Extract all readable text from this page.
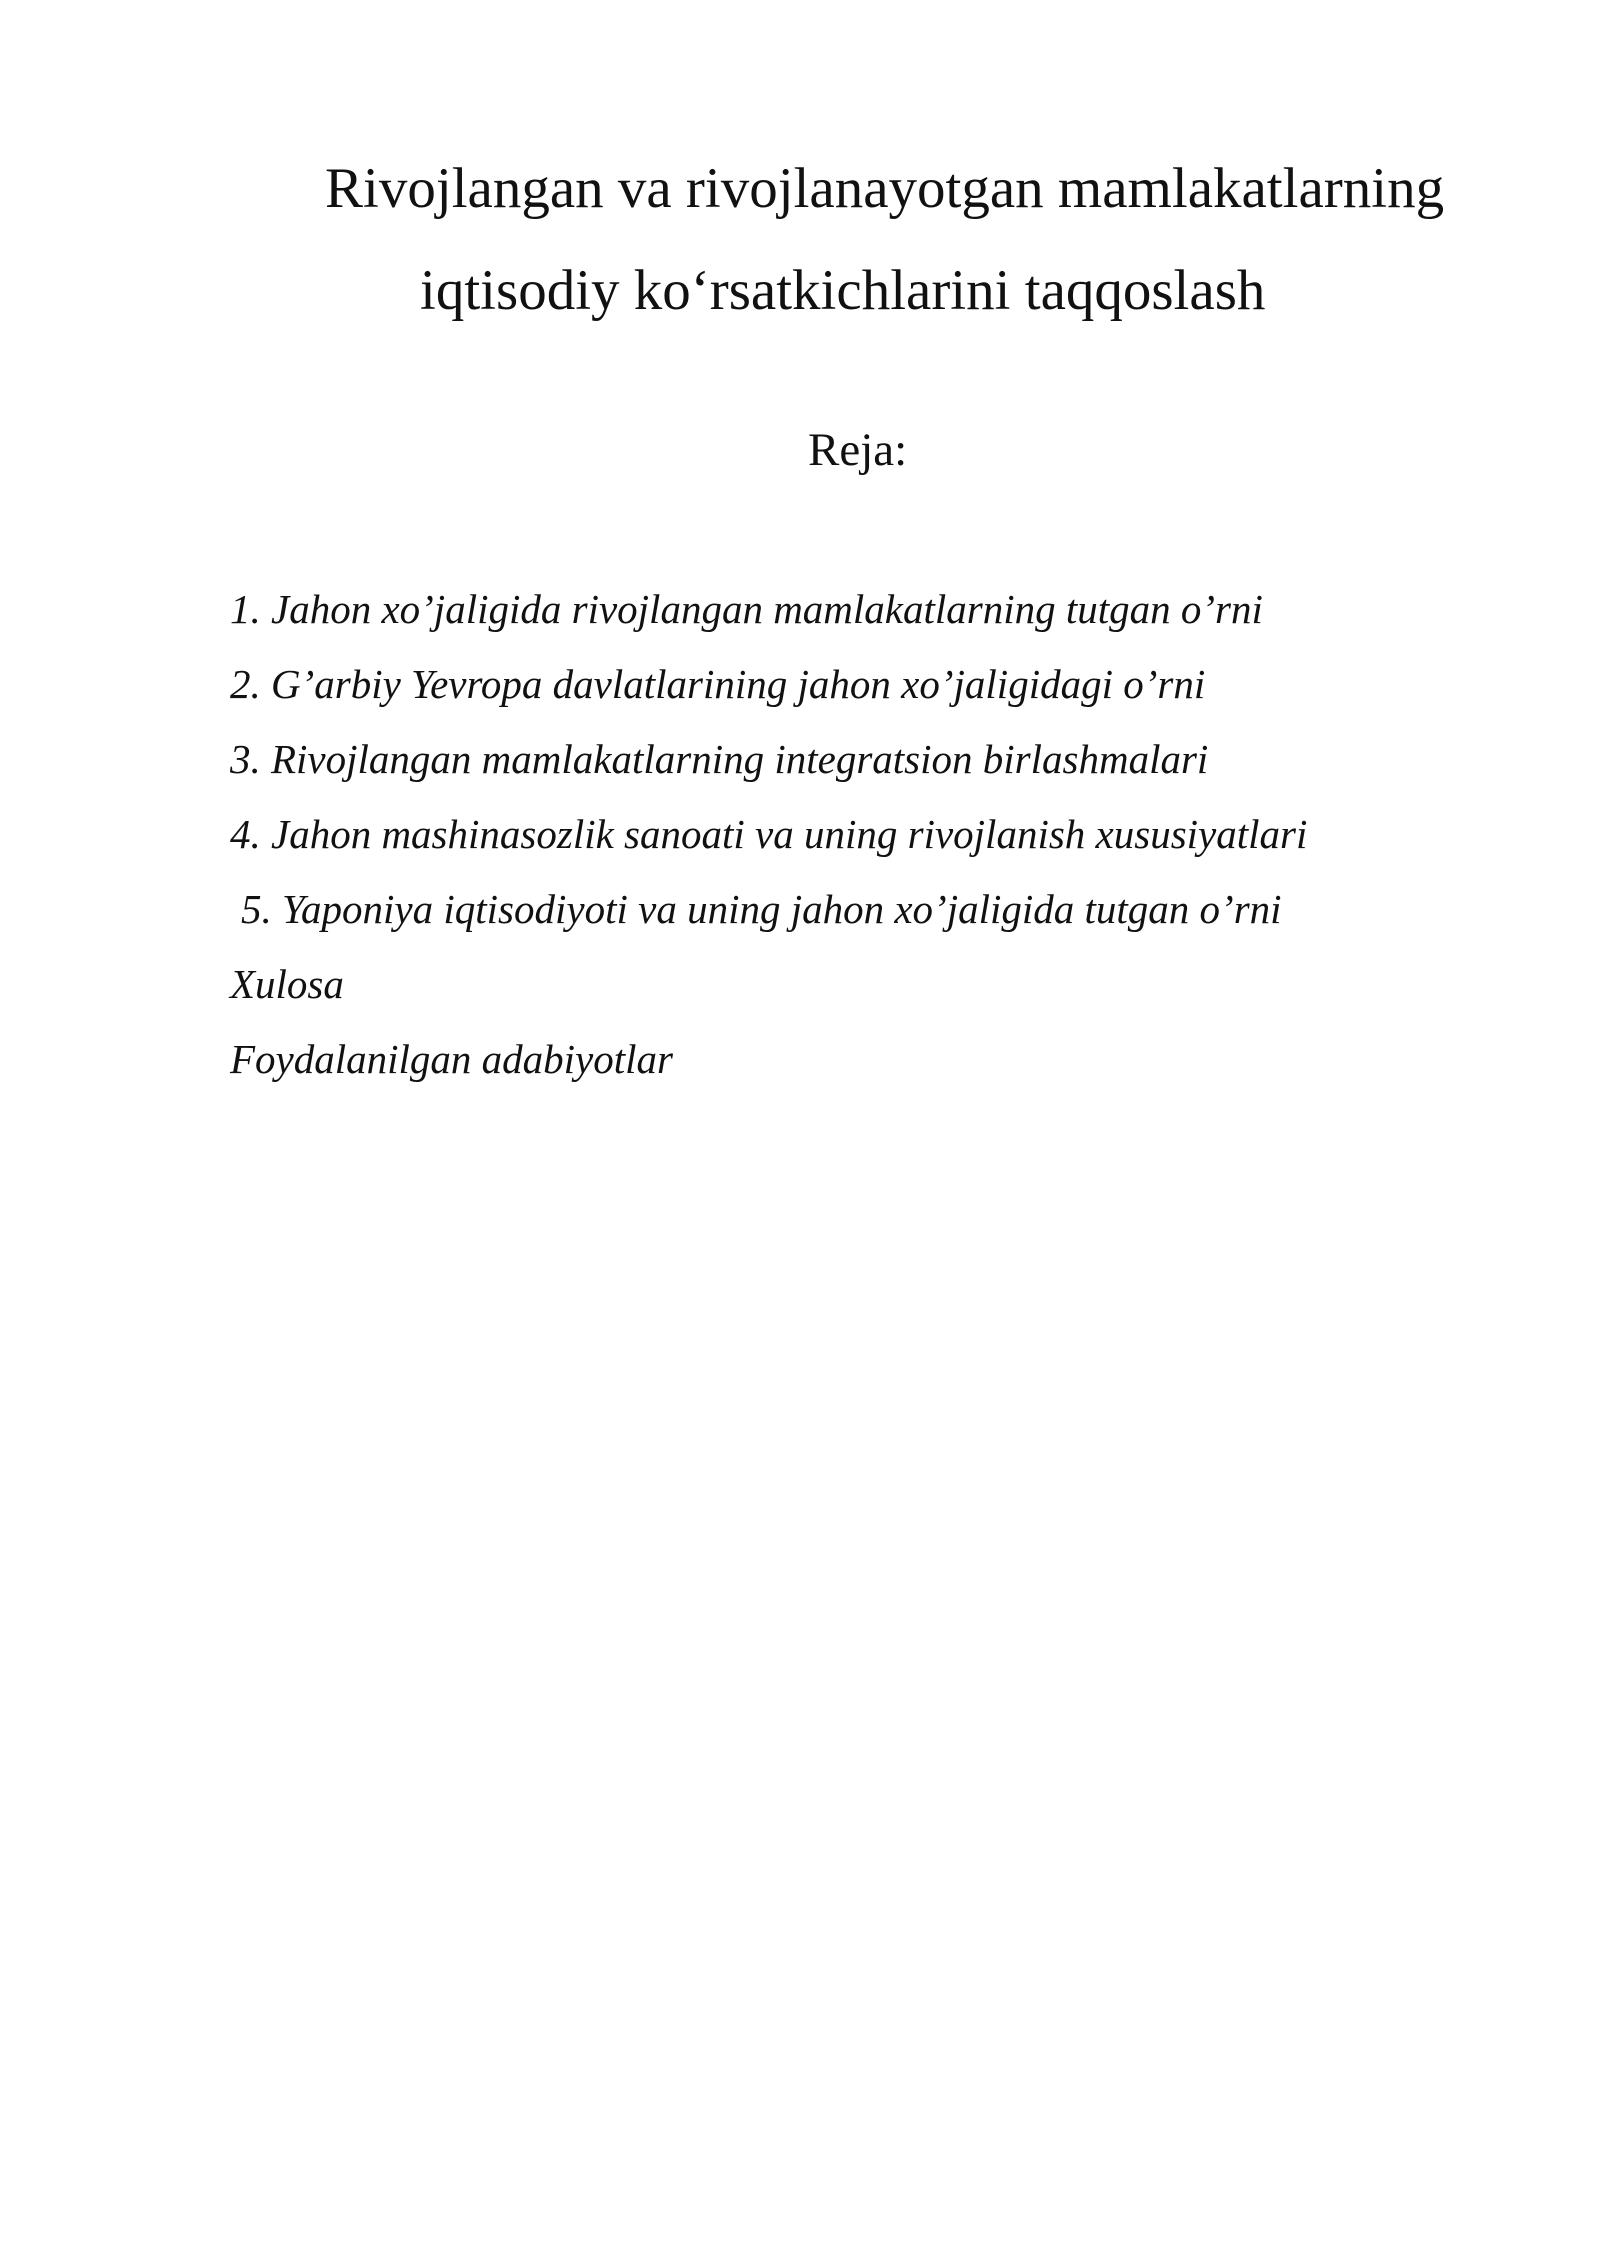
Rivojlangan va rivojlanayotgan mamlakatlarning
iqtisodiy ko‘rsatkichlarini taqqoslash
Reja:
1. Jahon xo’jaligida rivojlangan mamlakatlarning tutgan o’rni
2. G’arbiy Yevropa davlatlarining jahon xo’jaligidagi o’rni
3. Rivojlangan mamlakatlarning integratsion birlashmalari
4. Jahon mashinasozlik sanoati va uning rivojlanish xususiyatlari
5. Yaponiya iqtisodiyoti va uning jahon xo’jaligida tutgan o’rni
Xulosa
Foydalanilgan adabiyotlar
